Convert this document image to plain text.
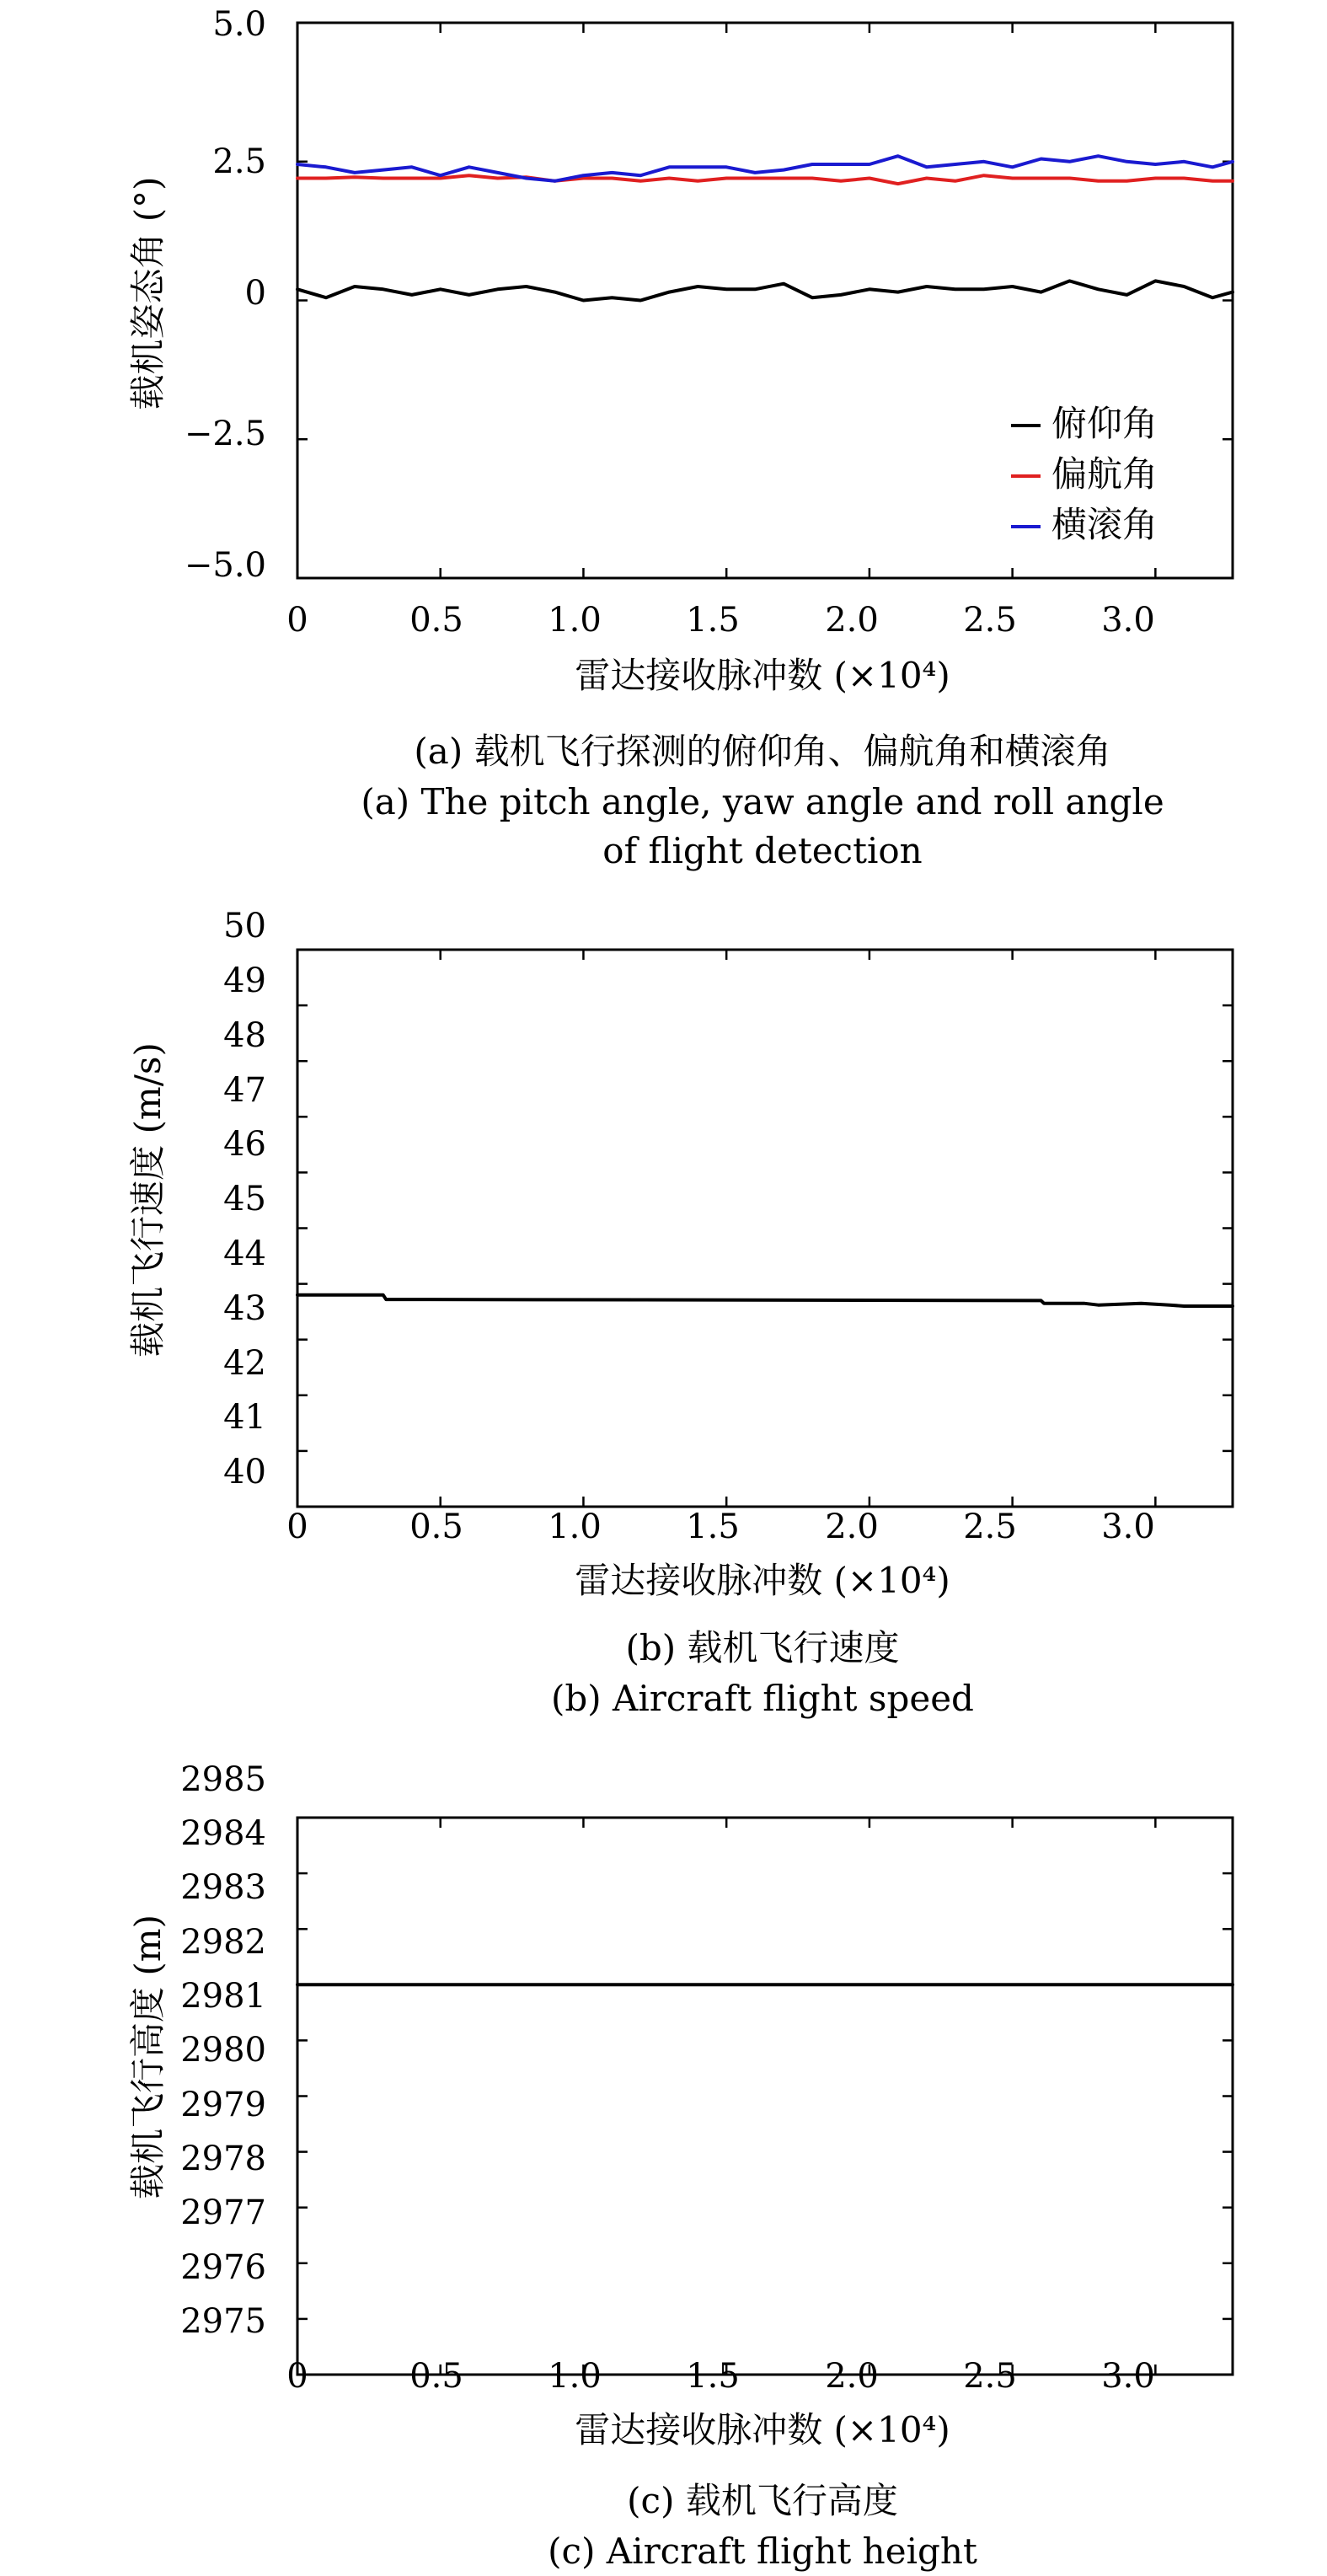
5.0
2.5
0
−2.5
−5.0
0	0.5	1.0	1.5	2.0	2.5	3.0
雷达接收脉冲数 (×10⁴)
载机姿态角 (°)
俯仰角
偏航角
横滚角
(a) 载机飞行探测的俯仰角、偏航角和横滚角
(a) The pitch angle, yaw angle and roll angle
of flight detection
50
49
48
47
46
45
44
43
42
41
40
0	0.5	1.0	1.5	2.0	2.5	3.0
雷达接收脉冲数 (×10⁴)
载机飞行速度 (m/s)
(b) 载机飞行速度
(b) Aircraft flight speed
2985
2984
2983
2982
2981
2980
2979
2978
2977
2976
2975
0	0.5	1.0	1.5	2.0	2.5	3.0
雷达接收脉冲数 (×10⁴)
载机飞行高度 (m)
(c) 载机飞行高度
(c) Aircraft flight height
